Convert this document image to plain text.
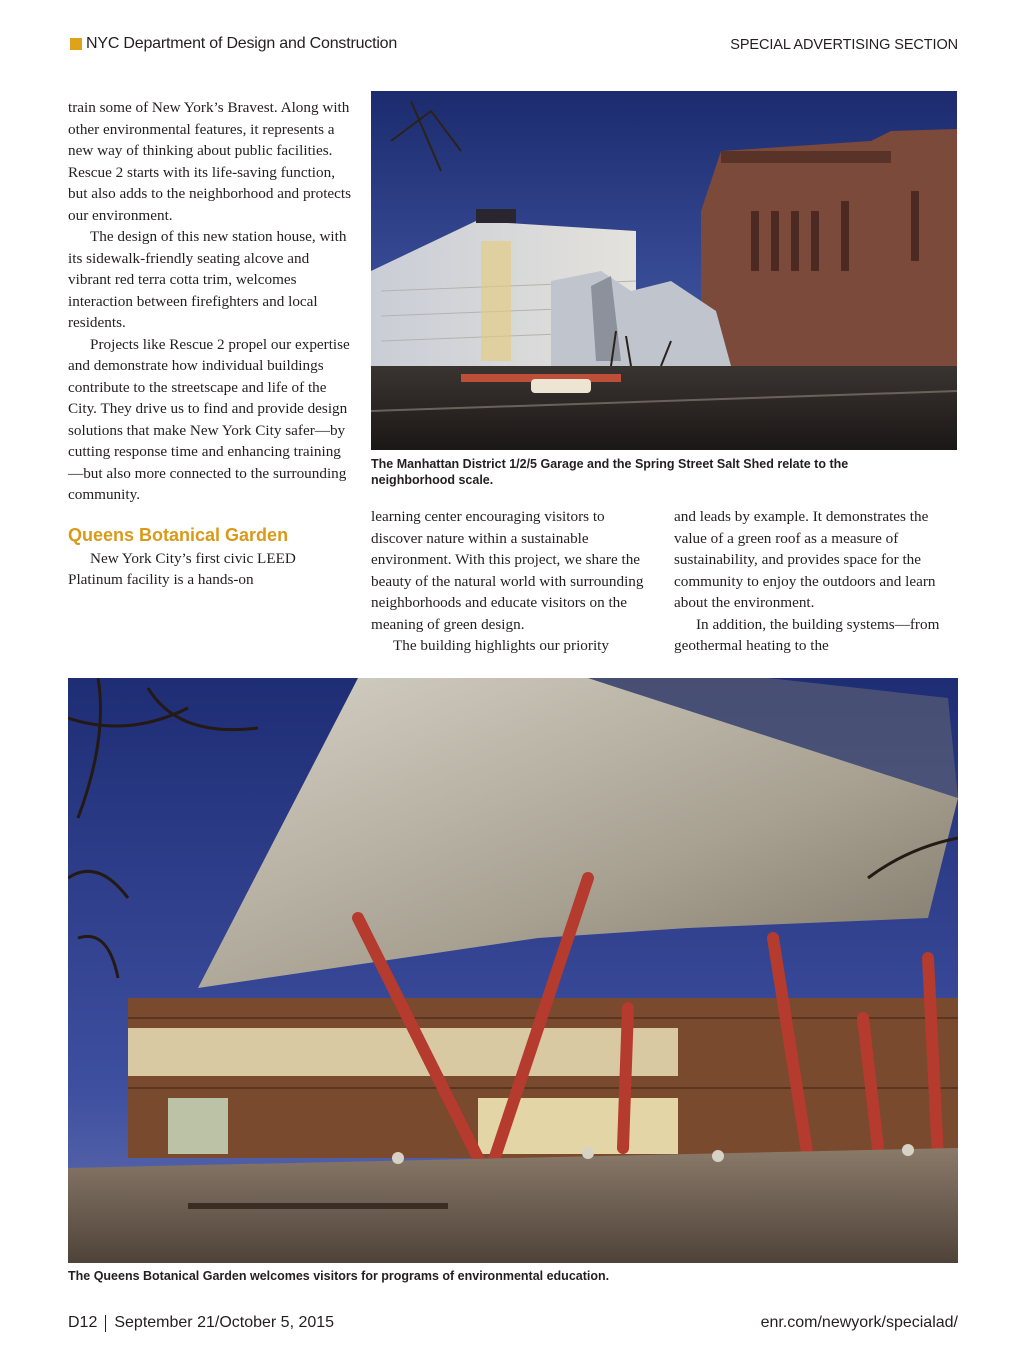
NYC Department of Design and Construction	SPECIAL ADVERTISING SECTION

train some of New York’s Bravest. Along with other environmental features, it represents a new way of thinking about public facilities. Rescue 2 starts with its life-saving function, but also adds to the neighborhood and protects our environment.

The design of this new station house, with its sidewalk-friendly seating alcove and vibrant red terra cotta trim, welcomes interaction between firefighters and local residents.

Projects like Rescue 2 propel our expertise and demonstrate how individual buildings contribute to the streetscape and life of the City. They drive us to find and provide design solutions that make New York City safer—by cutting response time and enhancing training—but also more connected to the surrounding community.

Queens Botanical Garden

New York City’s first civic LEED Platinum facility is a hands-on

learning center encouraging visitors to discover nature within a sustainable environment. With this project, we share the beauty of the natural world with surrounding neighborhoods and educate visitors on the meaning of green design.

The building highlights our priority

and leads by example. It demonstrates the value of a green roof as a measure of sustainability, and provides space for the community to enjoy the outdoors and learn about the environment.

In addition, the building systems—from geothermal heating to the

The Manhattan District 1/2/5 Garage and the Spring Street Salt Shed relate to the neighborhood scale.
The Queens Botanical Garden welcomes visitors for programs of environmental education.
D12 September 21/October 5, 2015	enr.com/newyork/specialad/
